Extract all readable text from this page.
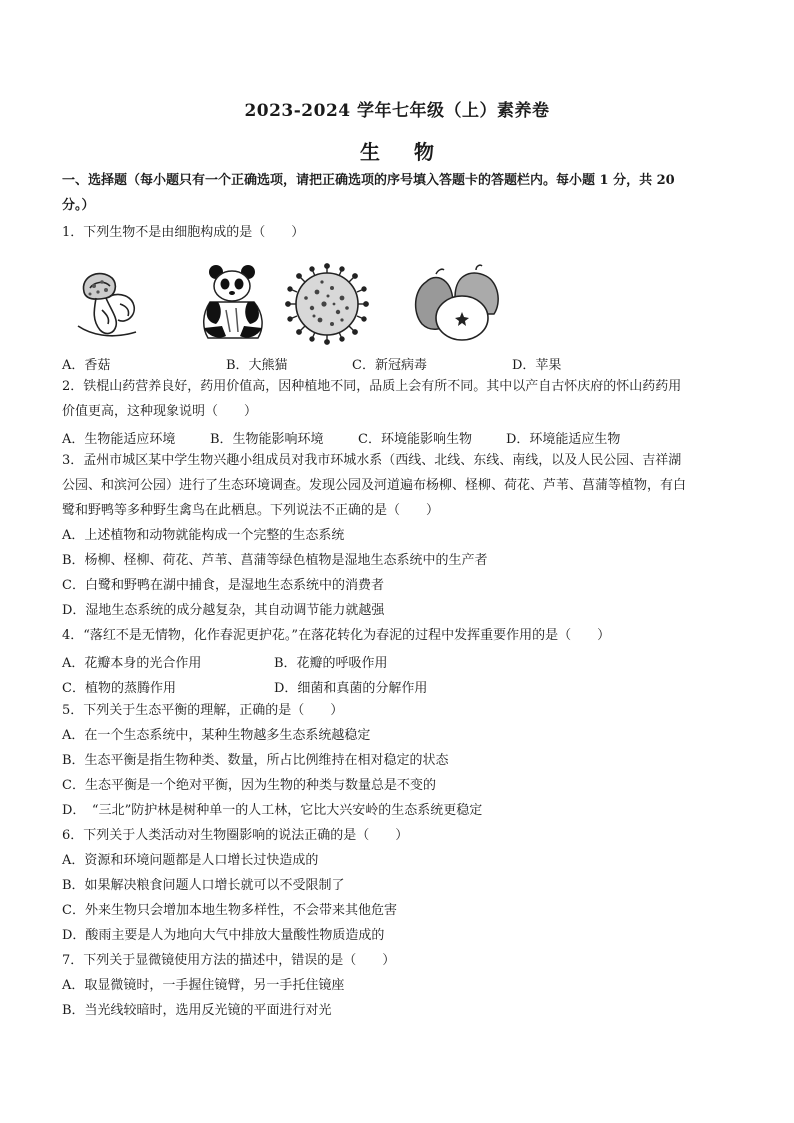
2023-2024 学年七年级（上）素养卷
生物
一、选择题（每小题只有一个正确选项，请把正确选项的序号填入答题卡的答题栏内。每小题 1 分，共 20
分。）
1．下列生物不是由细胞构成的是（　　）
A．香菇	B．大熊猫	C．新冠病毒	D．苹果
2．铁棍山药营养良好，药用价值高，因种植地不同，品质上会有所不同。其中以产自古怀庆府的怀山药药用
价值更高，这种现象说明（　　）
A．生物能适应环境	B．生物能影响环境	C．环境能影响生物	D．环境能适应生物
3．孟州市城区某中学生物兴趣小组成员对我市环城水系（西线、北线、东线、南线，以及人民公园、吉祥湖
公园、和滨河公园）进行了生态环境调查。发现公园及河道遍布杨柳、柽柳、荷花、芦苇、菖蒲等植物，有白
鹭和野鸭等多种野生禽鸟在此栖息。下列说法不正确的是（　　）
A．上述植物和动物就能构成一个完整的生态系统
B．杨柳、柽柳、荷花、芦苇、菖蒲等绿色植物是湿地生态系统中的生产者
C．白鹭和野鸭在湖中捕食，是湿地生态系统中的消费者
D．湿地生态系统的成分越复杂，其自动调节能力就越强
4．“落红不是无情物，化作春泥更护花。”在落花转化为春泥的过程中发挥重要作用的是（　　）
A．花瓣本身的光合作用	B．花瓣的呼吸作用
C．植物的蒸腾作用	D．细菌和真菌的分解作用
5．下列关于生态平衡的理解，正确的是（　　）
A．在一个生态系统中，某种生物越多生态系统越稳定
B．生态平衡是指生物种类、数量，所占比例维持在相对稳定的状态
C．生态平衡是一个绝对平衡，因为生物的种类与数量总是不变的
D．　“三北”防护林是树种单一的人工林，它比大兴安岭的生态系统更稳定
6．下列关于人类活动对生物圈影响的说法正确的是（　　）
A．资源和环境问题都是人口增长过快造成的
B．如果解决粮食问题人口增长就可以不受限制了
C．外来生物只会增加本地生物多样性，不会带来其他危害
D．酸雨主要是人为地向大气中排放大量酸性物质造成的
7．下列关于显微镜使用方法的描述中，错误的是（　　）
A．取显微镜时，一手握住镜臂，另一手托住镜座
B．当光线较暗时，选用反光镜的平面进行对光
